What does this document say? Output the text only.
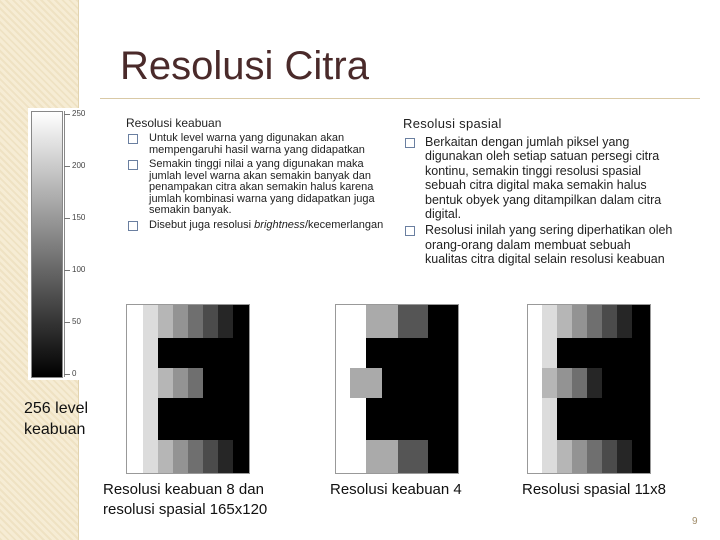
Resolusi Citra
250
200
150
100
50
0
Resolusi keabuan
Untuk level warna yang digunakan akan mempengaruhi hasil warna yang didapatkan
Semakin tinggi nilai a yang digunakan maka jumlah level warna akan semakin banyak dan penampakan citra akan semakin halus karena jumlah kombinasi warna yang didapatkan juga semakin banyak.
Disebut juga resolusi brightness/kecemerlangan
Resolusi spasial
Berkaitan dengan jumlah piksel yang digunakan oleh setiap satuan persegi citra kontinu, semakin tinggi resolusi spasial sebuah citra digital maka semakin halus bentuk obyek yang ditampilkan dalam citra digital.
Resolusi inilah yang sering diperhatikan oleh orang-orang dalam membuat sebuah kualitas citra digital selain resolusi keabuan
256 level
keabuan
Resolusi keabuan 8 dan
resolusi spasial 165x120
Resolusi keabuan 4	Resolusi spasial 11x8
9
